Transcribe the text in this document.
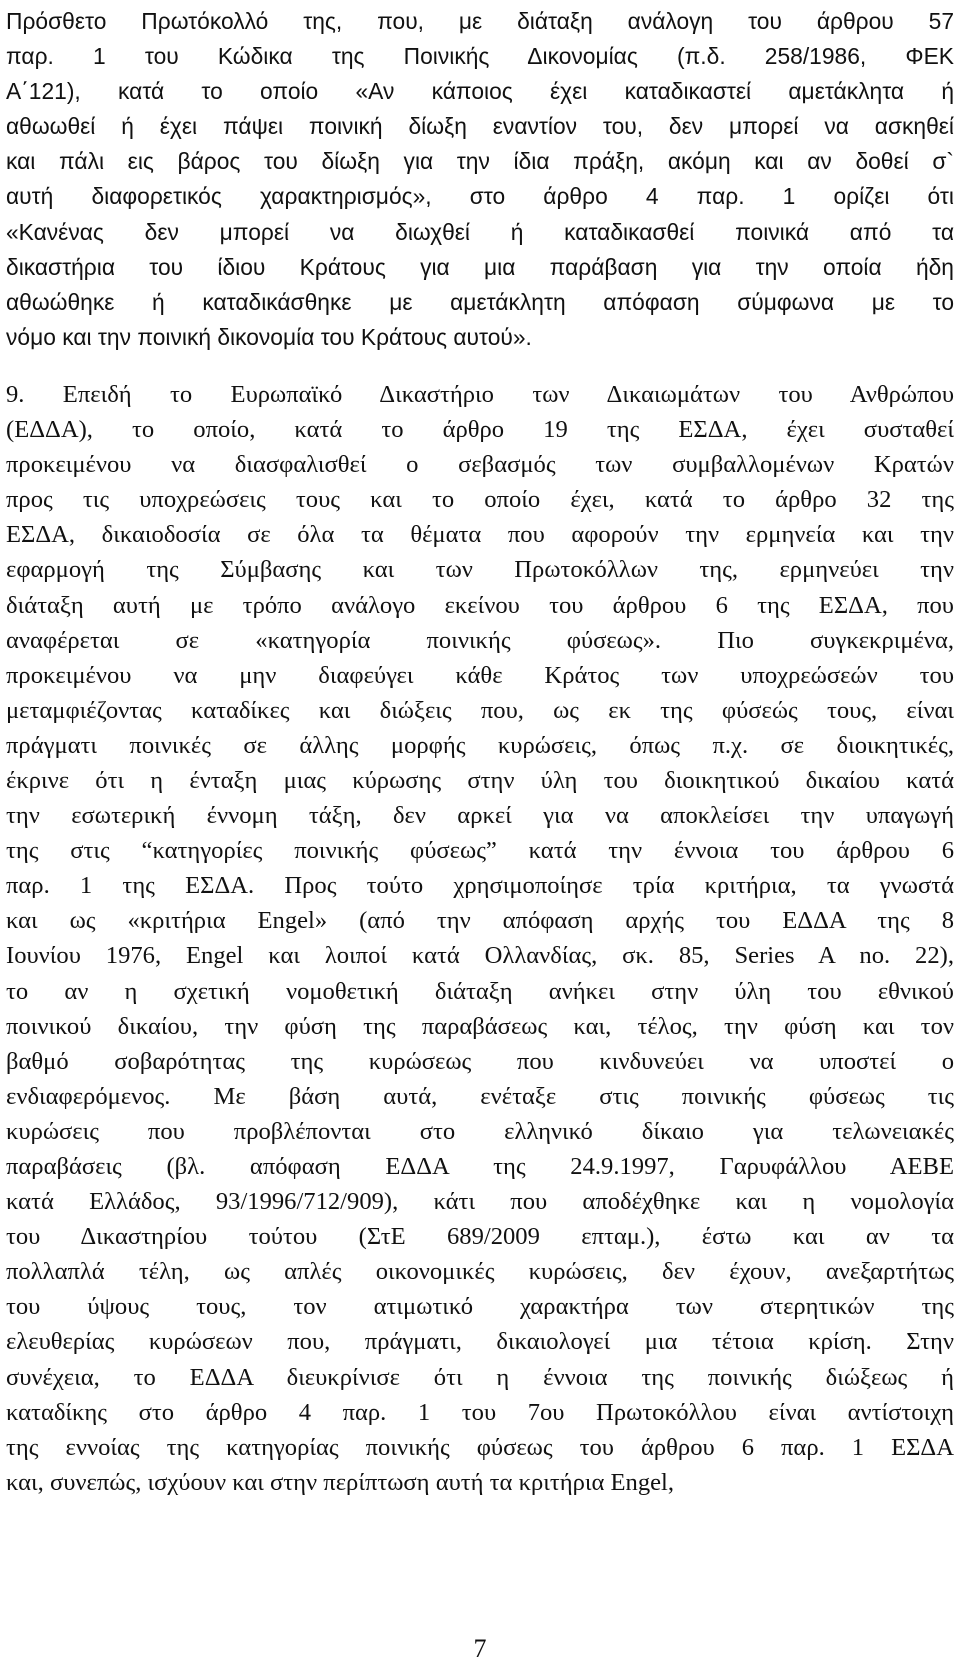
Πρόσθετο Πρωτόκολλό της, που, με διάταξη ανάλογη του άρθρου 57
παρ. 1 του Κώδικα της Ποινικής Δικονομίας (π.δ. 258/1986, ΦΕΚ
Α΄121), κατά το οποίο «Αν κάποιος έχει καταδικαστεί αμετάκλητα ή
αθωωθεί ή έχει πάψει ποινική δίωξη εναντίον του, δεν μπορεί να ασκηθεί
και πάλι εις βάρος του δίωξη για την ίδια πράξη, ακόμη και αν δοθεί σ`
αυτή διαφορετικός χαρακτηρισμός», στο άρθρο 4 παρ. 1 ορίζει ότι
«Κανένας δεν μπορεί να διωχθεί ή καταδικασθεί ποινικά από τα
δικαστήρια του ίδιου Κράτους για μια παράβαση για την οποία ήδη
αθωώθηκε ή καταδικάσθηκε με αμετάκλητη απόφαση σύμφωνα με το
νόμο και την ποινική δικονομία του Κράτους αυτού».
9. Επειδή το Ευρωπαϊκό Δικαστήριο των Δικαιωμάτων του Ανθρώπου
(ΕΔΔΑ), το οποίο, κατά το άρθρο 19 της ΕΣΔΑ, έχει συσταθεί
προκειμένου να διασφαλισθεί ο σεβασμός των συμβαλλομένων Κρατών
προς τις υποχρεώσεις τους και το οποίο έχει, κατά το άρθρο 32 της
ΕΣΔΑ, δικαιοδοσία σε όλα τα θέματα που αφορούν την ερμηνεία και την
εφαρμογή της Σύμβασης και των Πρωτοκόλλων της, ερμηνεύει την
διάταξη αυτή με τρόπο ανάλογο εκείνου του άρθρου 6 της ΕΣΔΑ, που
αναφέρεται σε «κατηγορία ποινικής φύσεως». Πιο συγκεκριμένα,
προκειμένου να μην διαφεύγει κάθε Κράτος των υποχρεώσεών του
μεταμφιέζοντας καταδίκες και διώξεις που, ως εκ της φύσεώς τους, είναι
πράγματι ποινικές σε άλλης μορφής κυρώσεις, όπως π.χ. σε διοικητικές,
έκρινε ότι η ένταξη μιας κύρωσης στην ύλη του διοικητικού δικαίου κατά
την εσωτερική έννομη τάξη, δεν αρκεί για να αποκλείσει την υπαγωγή
της στις “κατηγορίες ποινικής φύσεως” κατά την έννοια του άρθρου 6
παρ. 1 της ΕΣΔΑ. Προς τούτο χρησιμοποίησε τρία κριτήρια, τα γνωστά
και ως «κριτήρια Engel» (από την απόφαση αρχής του ΕΔΔΑ της 8
Ιουνίου 1976, Engel και λοιποί κατά Ολλανδίας, σκ. 85, Series A no. 22),
το αν η σχετική νομοθετική διάταξη ανήκει στην ύλη του εθνικού
ποινικού δικαίου, την φύση της παραβάσεως και, τέλος, την φύση και τον
βαθμό σοβαρότητας της κυρώσεως που κινδυνεύει να υποστεί ο
ενδιαφερόμενος. Με βάση αυτά, ενέταξε στις ποινικής φύσεως τις
κυρώσεις που προβλέπονται στο ελληνικό δίκαιο για τελωνειακές
παραβάσεις (βλ. απόφαση ΕΔΔΑ της 24.9.1997, Γαρυφάλλου ΑΕΒΕ
κατά Ελλάδος, 93/1996/712/909), κάτι που αποδέχθηκε και η νομολογία
του Δικαστηρίου τούτου (ΣτΕ 689/2009 επταμ.), έστω και αν τα
πολλαπλά τέλη, ως απλές οικονομικές κυρώσεις, δεν έχουν, ανεξαρτήτως
του ύψους τους, τον ατιμωτικό χαρακτήρα των στερητικών της
ελευθερίας κυρώσεων που, πράγματι, δικαιολογεί μια τέτοια κρίση. Στην
συνέχεια, το ΕΔΔΑ διευκρίνισε ότι η έννοια της ποινικής διώξεως ή
καταδίκης στο άρθρο 4 παρ. 1 του 7ου Πρωτοκόλλου είναι αντίστοιχη
της εννοίας της κατηγορίας ποινικής φύσεως του άρθρου 6 παρ. 1 ΕΣΔΑ
και, συνεπώς, ισχύουν και στην περίπτωση αυτή τα κριτήρια Engel,
7
